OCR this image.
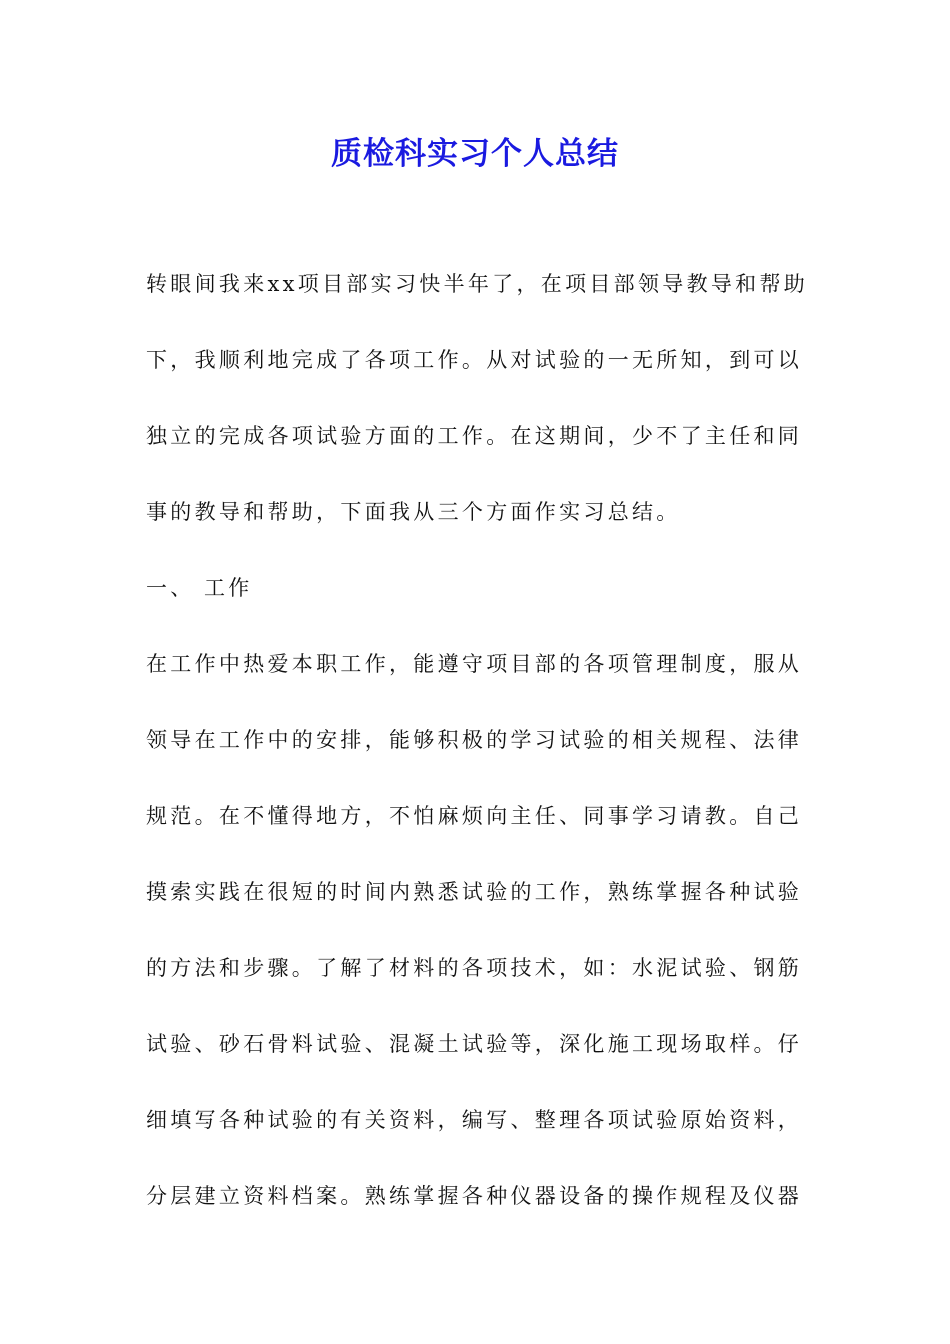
质检科实习个人总结
转眼间我来xx项目部实习快半年了，在项目部领导教导和帮助
下，我顺利地完成了各项工作。从对试验的一无所知，到可以
独立的完成各项试验方面的工作。在这期间，少不了主任和同
事的教导和帮助，下面我从三个方面作实习总结。
一、 工作
在工作中热爱本职工作，能遵守项目部的各项管理制度，服从
领导在工作中的安排，能够积极的学习试验的相关规程、法律
规范。在不懂得地方，不怕麻烦向主任、同事学习请教。自己
摸索实践在很短的时间内熟悉试验的工作，熟练掌握各种试验
的方法和步骤。了解了材料的各项技术，如：水泥试验、钢筋
试验、砂石骨料试验、混凝土试验等，深化施工现场取样。仔
细填写各种试验的有关资料，编写、整理各项试验原始资料，
分层建立资料档案。熟练掌握各种仪器设备的操作规程及仪器
